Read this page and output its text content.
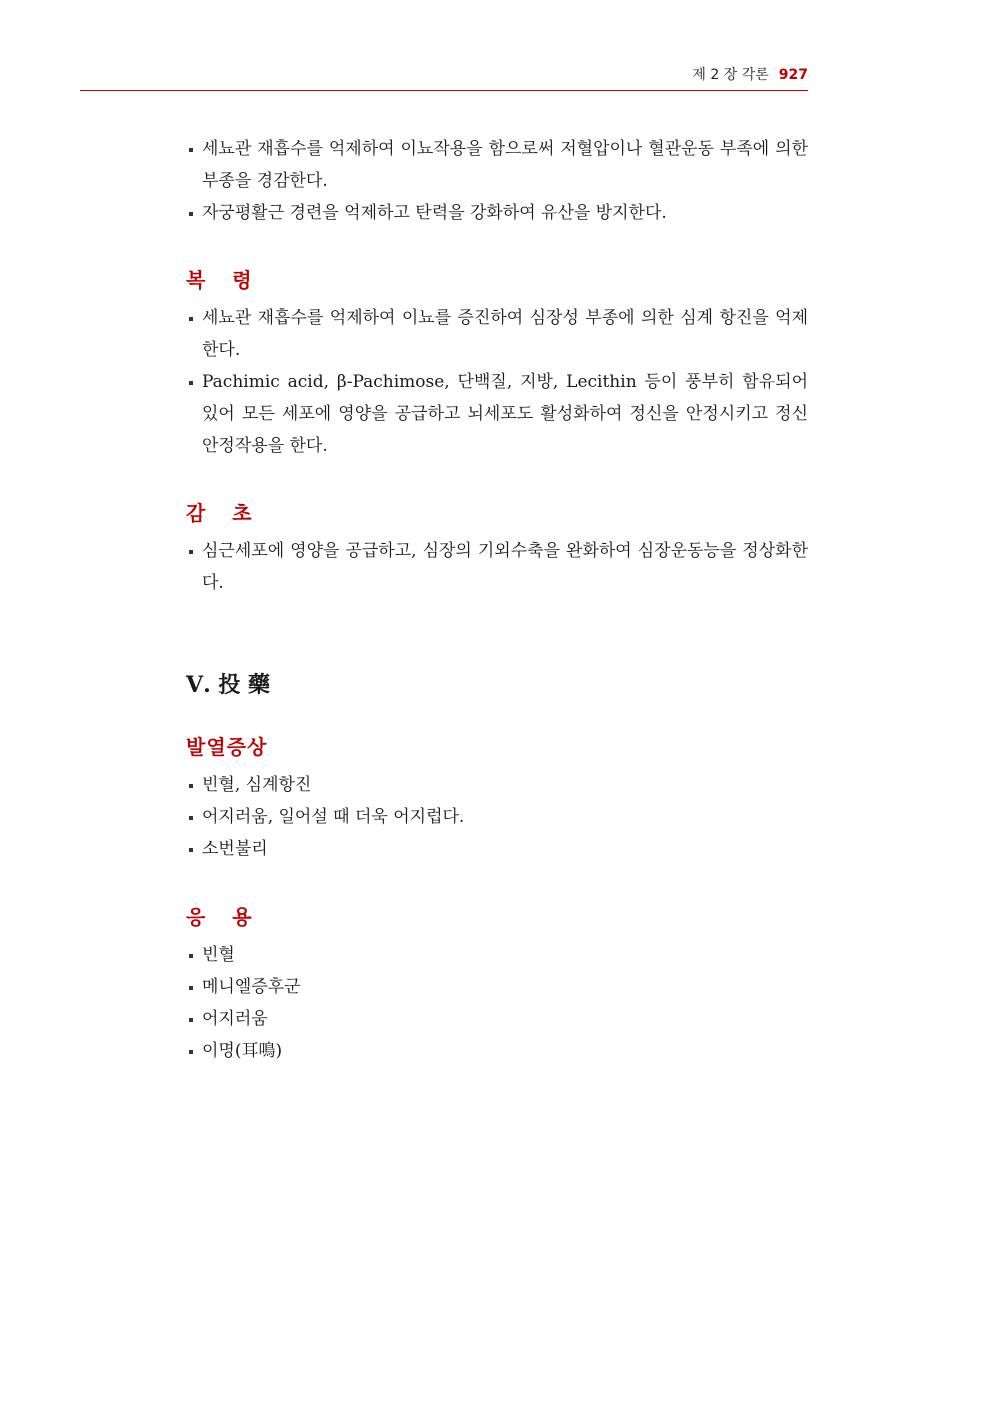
제 2 장 각론 927
세뇨관 재흡수를 억제하여 이뇨작용을 함으로써 저혈압이나 혈관운동 부족에 의한 부종을 경감한다.
자궁평활근 경련을 억제하고 탄력을 강화하여 유산을 방지한다.
복 령
세뇨관 재흡수를 억제하여 이뇨를 증진하여 심장성 부종에 의한 심계 항진을 억제한다.
Pachimic acid, β-Pachimose, 단백질, 지방, Lecithin 등이 풍부히 함유되어 있어 모든 세포에 영양을 공급하고 뇌세포도 활성화하여 정신을 안정시키고 정신안정작용을 한다.
감 초
심근세포에 영양을 공급하고, 심장의 기외수축을 완화하여 심장운동능을 정상화한다.
Ⅴ. 投 藥
발열증상
빈혈, 심계항진
어지러움, 일어설 때 더욱 어지럽다.
소번불리
응 용
빈혈
메니엘증후군
어지러움
이명(耳鳴)
